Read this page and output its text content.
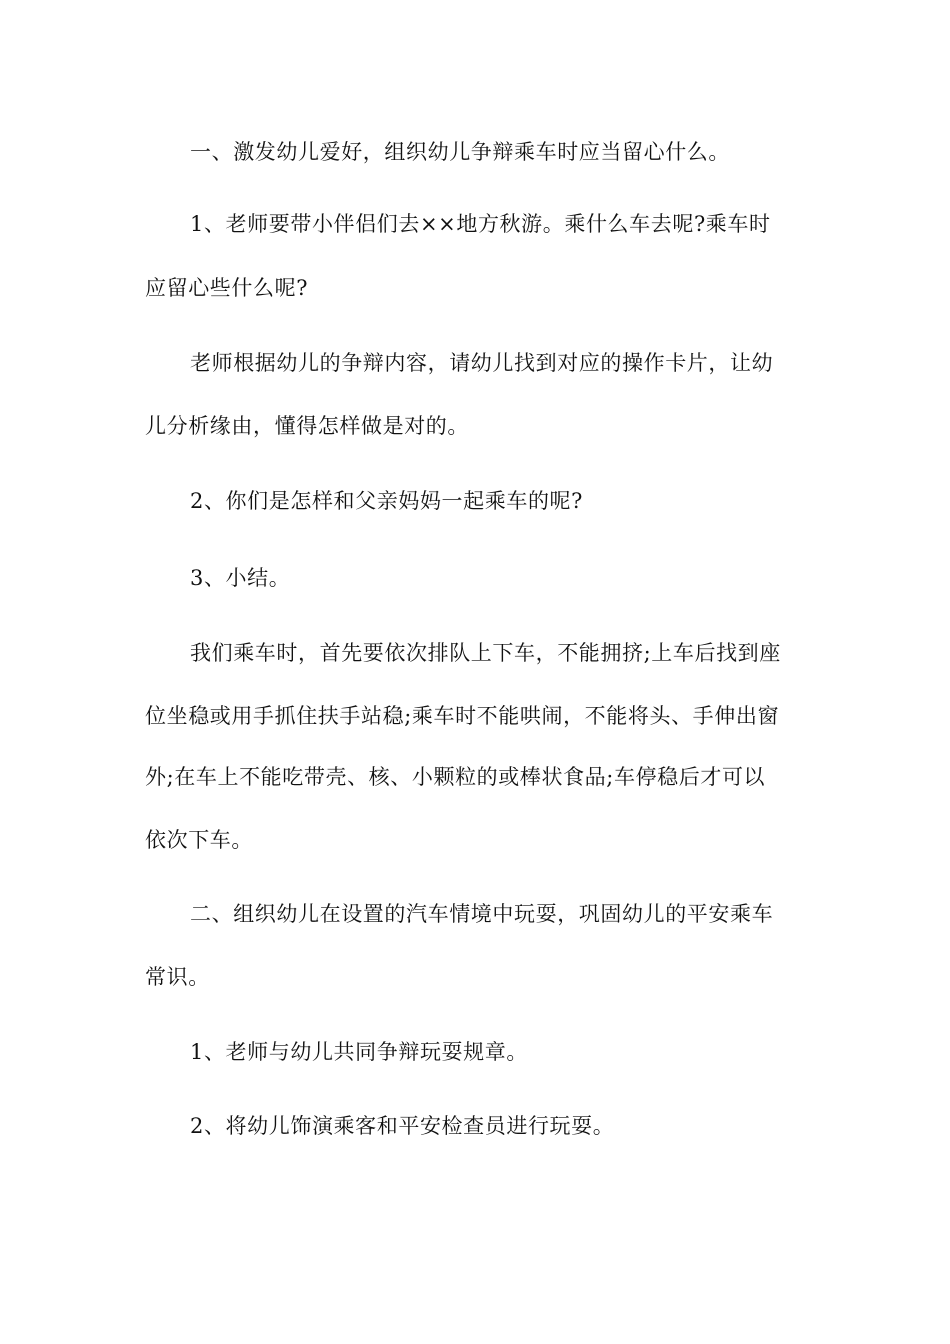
一、激发幼儿爱好，组织幼儿争辩乘车时应当留心什么。
1、老师要带小伴侣们去××地方秋游。乘什么车去呢?乘车时
应留心些什么呢?
老师根据幼儿的争辩内容，请幼儿找到对应的操作卡片，让幼
儿分析缘由，懂得怎样做是对的。
2、你们是怎样和父亲妈妈一起乘车的呢?
3、小结。
我们乘车时，首先要依次排队上下车，不能拥挤;上车后找到座
位坐稳或用手抓住扶手站稳;乘车时不能哄闹，不能将头、手伸出窗
外;在车上不能吃带壳、核、小颗粒的或棒状食品;车停稳后才可以
依次下车。
二、组织幼儿在设置的汽车情境中玩耍，巩固幼儿的平安乘车
常识。
1、老师与幼儿共同争辩玩耍规章。
2、将幼儿饰演乘客和平安检查员进行玩耍。
